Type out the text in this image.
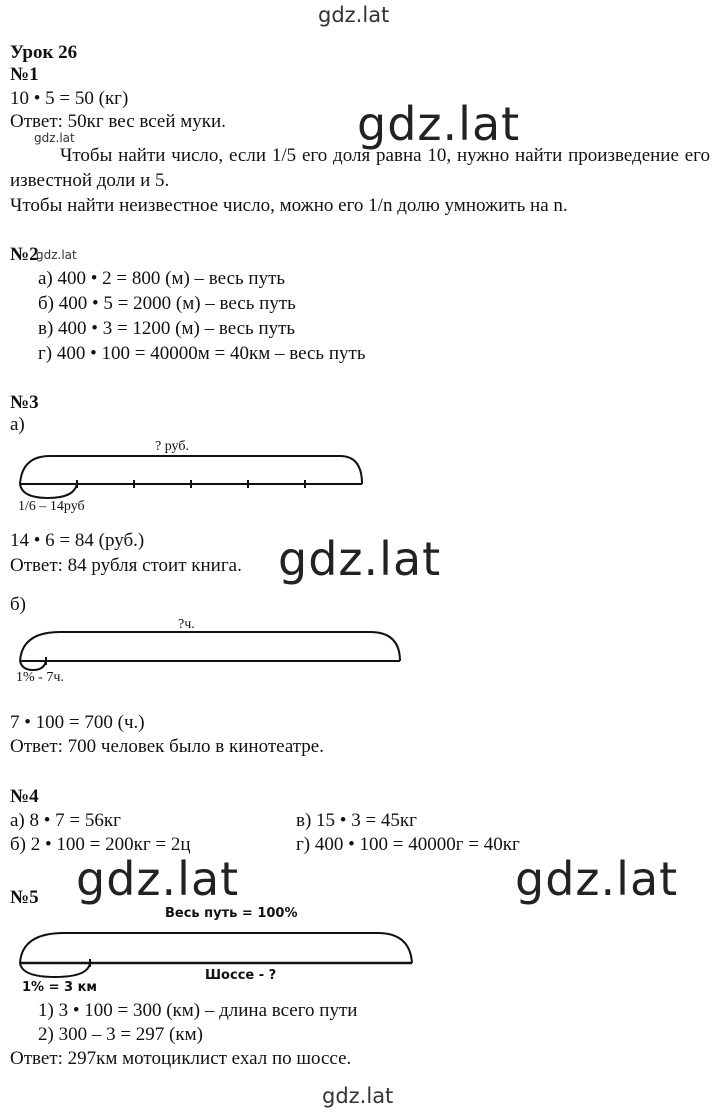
gdz.lat
gdz.lat
gdz.lat
gdz.lat
gdz.lat
gdz.lat	gdz.lat
gdz.lat
Урок 26
№1
10 • 5 = 50 (кг)
Ответ: 50кг вес всей муки.
Чтобы найти число, если 1/5 его доля равна 10, нужно найти произведение его известной доли и 5.
Чтобы найти неизвестное число, можно его 1/n долю умножить на n.
№2
а) 400 • 2 = 800 (м) – весь путь
б) 400 • 5 = 2000 (м) – весь путь
в) 400 • 3 = 1200 (м) – весь путь
г) 400 • 100 = 40000м = 40км – весь путь
№3
а)
? руб.
1/6 – 14руб
14 • 6 = 84 (руб.)
Ответ: 84 рубля стоит книга.
б)
?ч.
1% - 7ч.
7 • 100 = 700 (ч.)
Ответ: 700 человек было в кинотеатре.
№4
а) 8 • 7 = 56кг
б) 2 • 100 = 200кг = 2ц
в) 15 • 3 = 45кг
г) 400 • 100 = 40000г = 40кг
№5
Весь путь = 100%
Шоссе - ?
1% = 3 км
1) 3 • 100 = 300 (км) – длина всего пути
2) 300 – 3 = 297 (км)
Ответ: 297км мотоциклист ехал по шоссе.
